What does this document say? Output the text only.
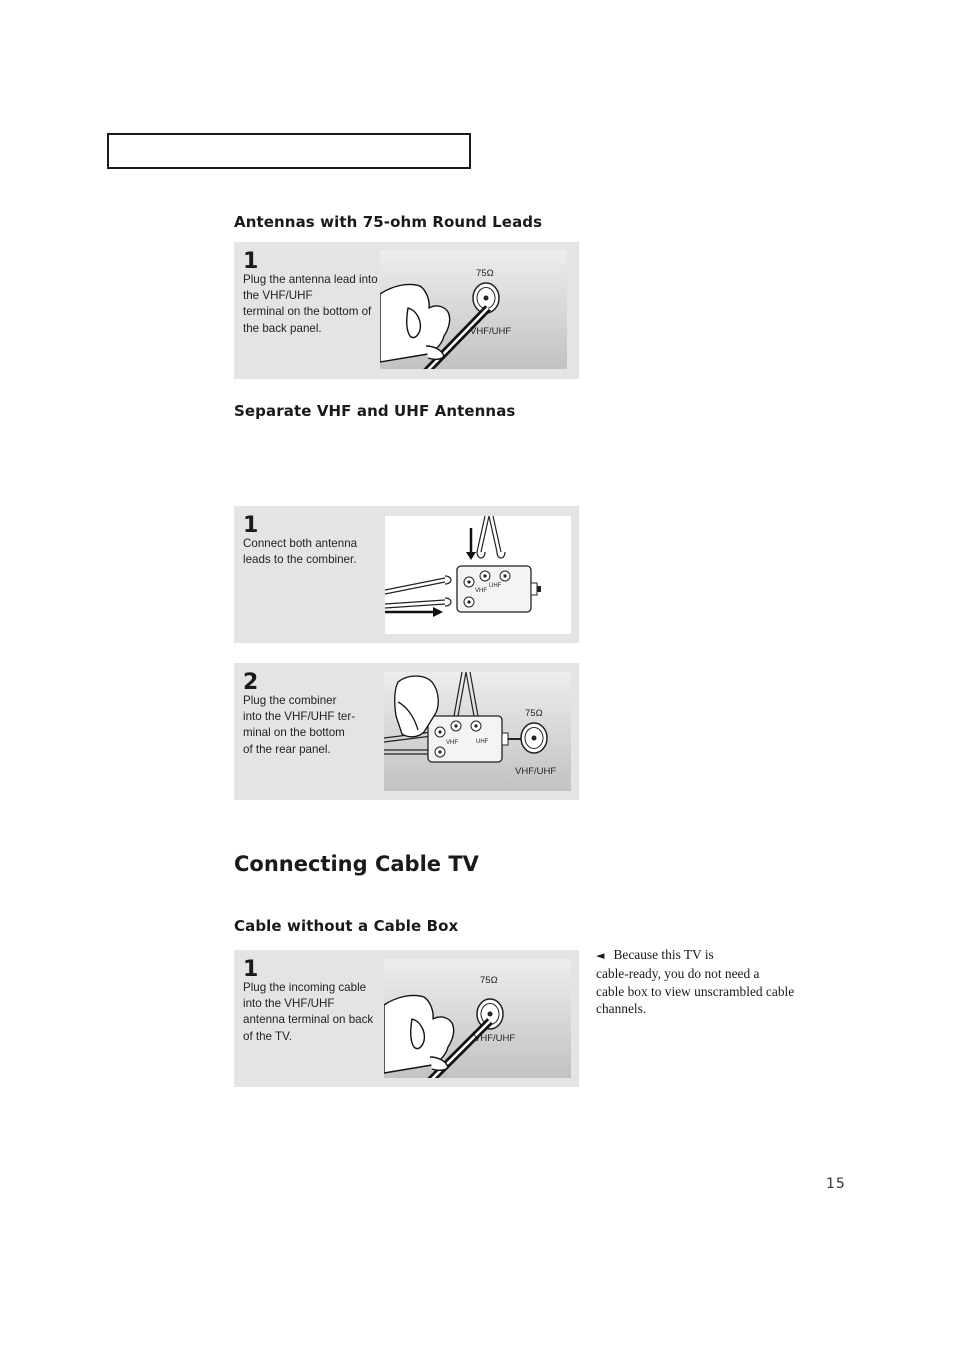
Antennas with 75-ohm Round Leads
1
Plug the antenna lead into
the VHF/UHF
terminal on the bottom of
the back panel.
75Ω
VHF/UHF
Separate VHF and UHF Antennas
1
Connect both antenna
leads to the combiner.
UHF
VHF
2
Plug the combiner
into the VHF/UHF ter-
minal on the bottom
of the rear panel.
UHF
VHF
75Ω
VHF/UHF
Connecting Cable TV
Cable without a Cable Box
1
Plug the incoming cable
into the VHF/UHF
antenna terminal on back
of the TV.
75Ω
VHF/UHF
◄ Because this TV is
cable-ready, you do not need a
cable box to view unscrambled cable
channels.
15
